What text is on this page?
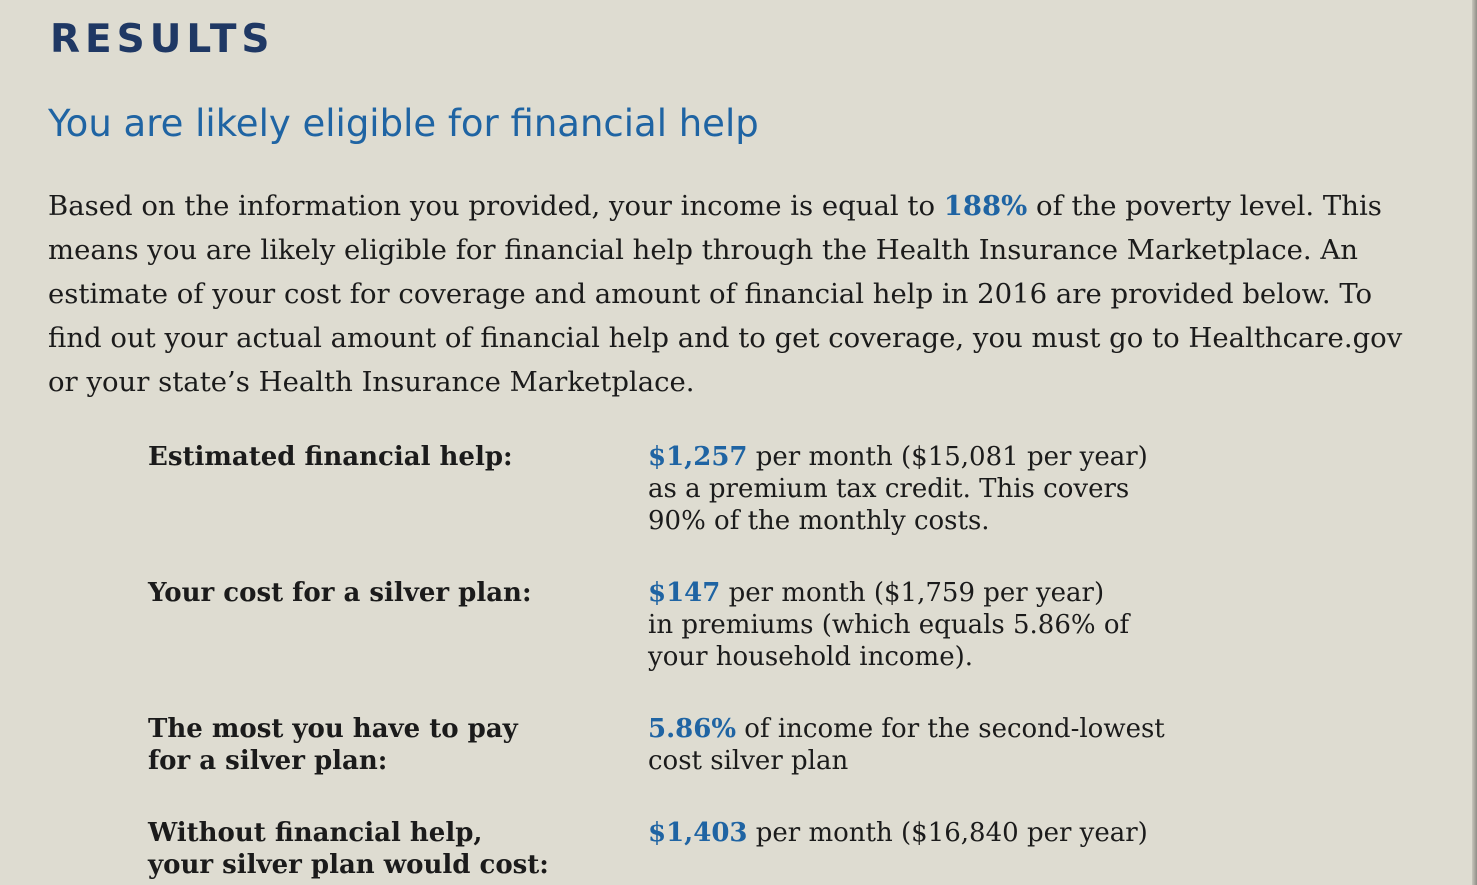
RESULTS
You are likely eligible for financial help

Based on the information you provided, your income is equal to 188% of the poverty level. This means you are likely eligible for financial help through the Health Insurance Marketplace. An estimate of your cost for coverage and amount of financial help in 2016 are provided below. To find out your actual amount of financial help and to get coverage, you must go to Healthcare.gov or your state’s Health Insurance Marketplace.

Estimated financial help:	$1,257 per month ($15,081 per year)
as a premium tax credit. This covers
90% of the monthly costs.
Your cost for a silver plan:	$147 per month ($1,759 per year)
in premiums (which equals 5.86% of
your household income).
The most you have to pay
for a silver plan:
5.86% of income for the second-lowest
cost silver plan
Without financial help,
your silver plan would cost:
$1,403 per month ($16,840 per year)
